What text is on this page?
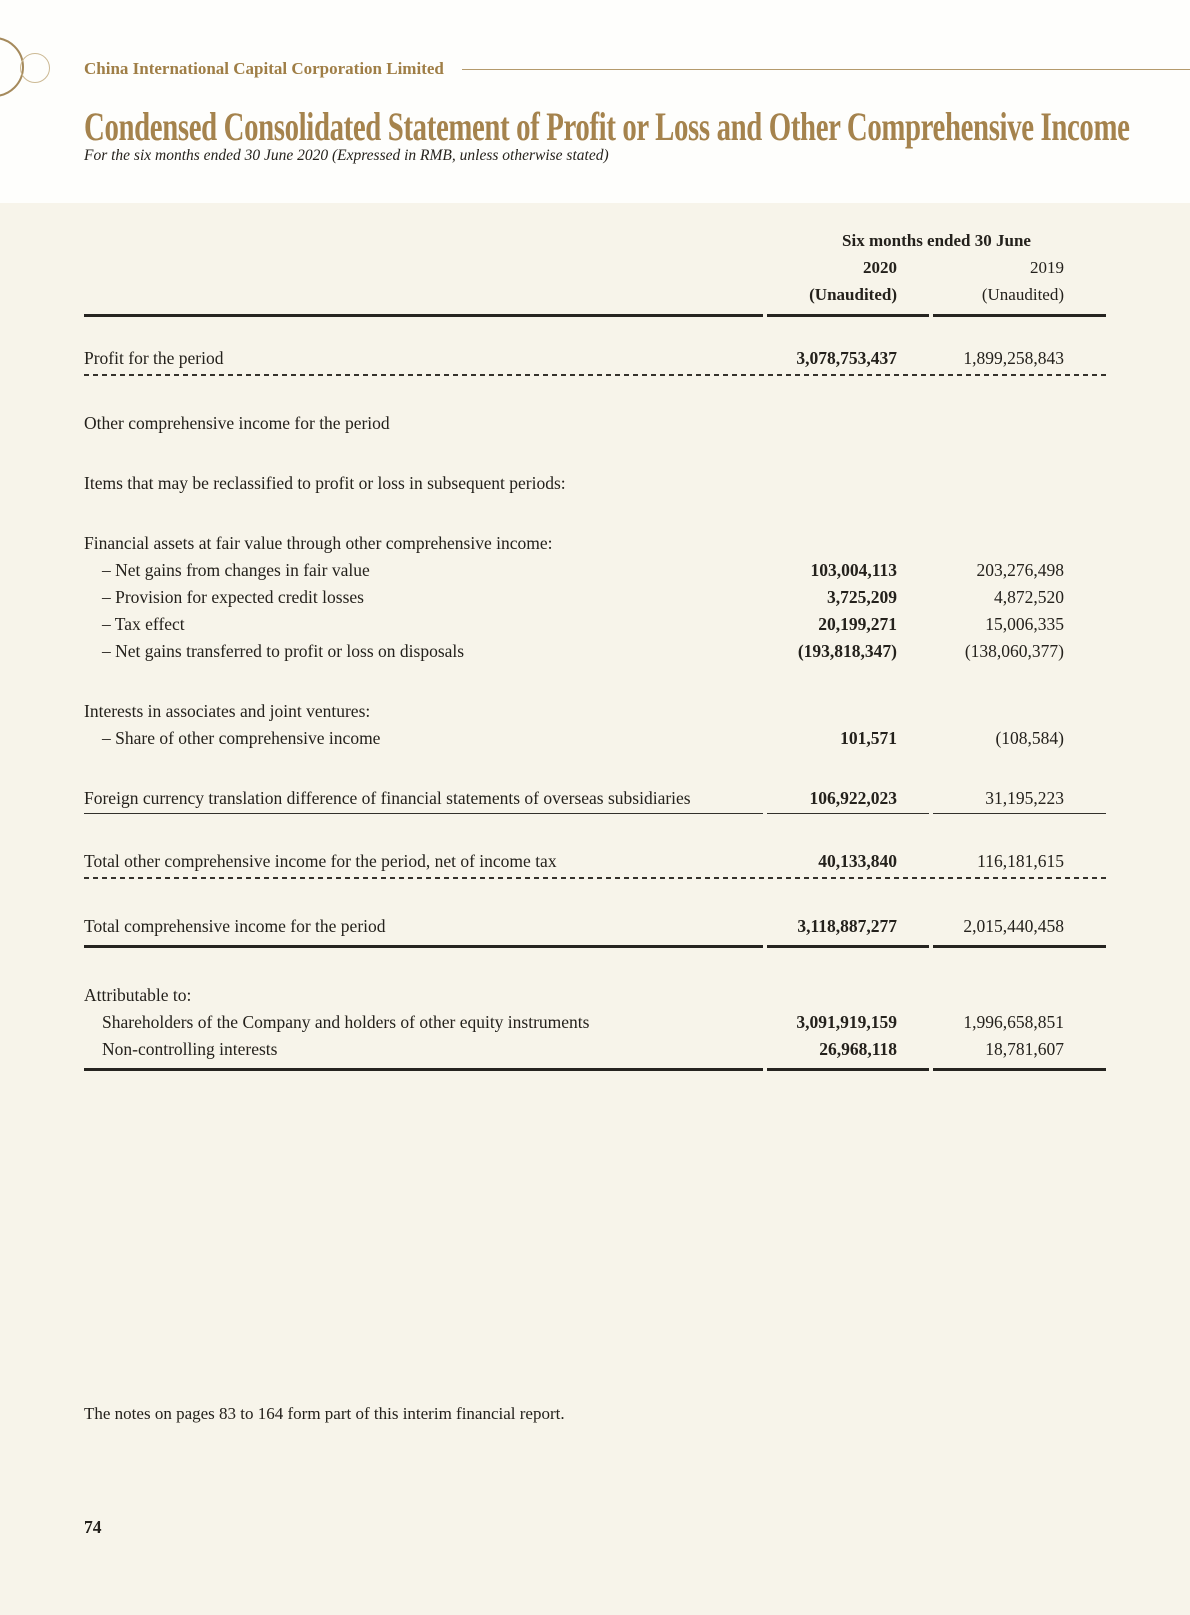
China International Capital Corporation Limited
Condensed Consolidated Statement of Profit or Loss and Other Comprehensive Income
For the six months ended 30 June 2020 (Expressed in RMB, unless otherwise stated)
Six months ended 30 June
2020	2019
(Unaudited)	(Unaudited)
Profit for the period	3,078,753,437	1,899,258,843
Other comprehensive income for the period
Items that may be reclassified to profit or loss in subsequent periods:
Financial assets at fair value through other comprehensive income:
– Net gains from changes in fair value	103,004,113	203,276,498
– Provision for expected credit losses	3,725,209	4,872,520
– Tax effect	20,199,271	15,006,335
– Net gains transferred to profit or loss on disposals	(193,818,347)	(138,060,377)
Interests in associates and joint ventures:
– Share of other comprehensive income	101,571	(108,584)
Foreign currency translation difference of financial statements of overseas subsidiaries	106,922,023	31,195,223
Total other comprehensive income for the period, net of income tax	40,133,840	116,181,615
Total comprehensive income for the period	3,118,887,277	2,015,440,458
Attributable to:
Shareholders of the Company and holders of other equity instruments	3,091,919,159	1,996,658,851
Non-controlling interests	26,968,118	18,781,607
The notes on pages 83 to 164 form part of this interim financial report.
74
